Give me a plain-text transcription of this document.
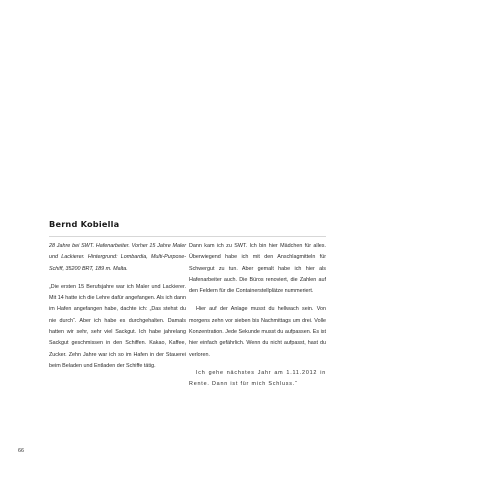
Bernd Kobiella

28 Jahre bei SWT. Hafenarbeiter. Vorher 15 Jahre Maler und Lackierer. Hintergrund: Lombardia, Multi-Purpose-Schiff, 35200 BRT, 189 m. Malta.

„Die ersten 15 Berufsjahre war ich Maler und Lackierer. Mit 14 hatte ich die Lehre dafür angefangen. Als ich dann im Hafen angefangen habe, dachte ich: „Das stehst du nie durch“. Aber ich habe es durchgehalten. Damals hatten wir sehr, sehr viel Sackgut. Ich habe jahrelang Sackgut geschmissen in den Schiffen. Kakao, Kaffee, Zucker. Zehn Jahre war ich so im Hafen in der Stauerei beim Beladen und Entladen der Schiffe tätig.

Dann kam ich zu SWT. Ich bin hier Mädchen für alles. Überwiegend habe ich mit den Anschlagmitteln für Schwergut zu tun. Aber gemalt habe ich hier als Hafenarbeiter auch. Die Büros renoviert, die Zahlen auf den Feldern für die Containerstellplätze nummeriert.

Hier auf der Anlage musst du hellwach sein. Von morgens zehn vor sieben bis Nachmittags um drei. Volle Konzentration. Jede Sekunde musst du aufpassen. Es ist hier einfach gefährlich. Wenn du nicht aufpasst, hast du verloren.

Ich gehe nächstes Jahr am 1.11.2012 in Rente. Dann ist für mich Schluss.“

66
